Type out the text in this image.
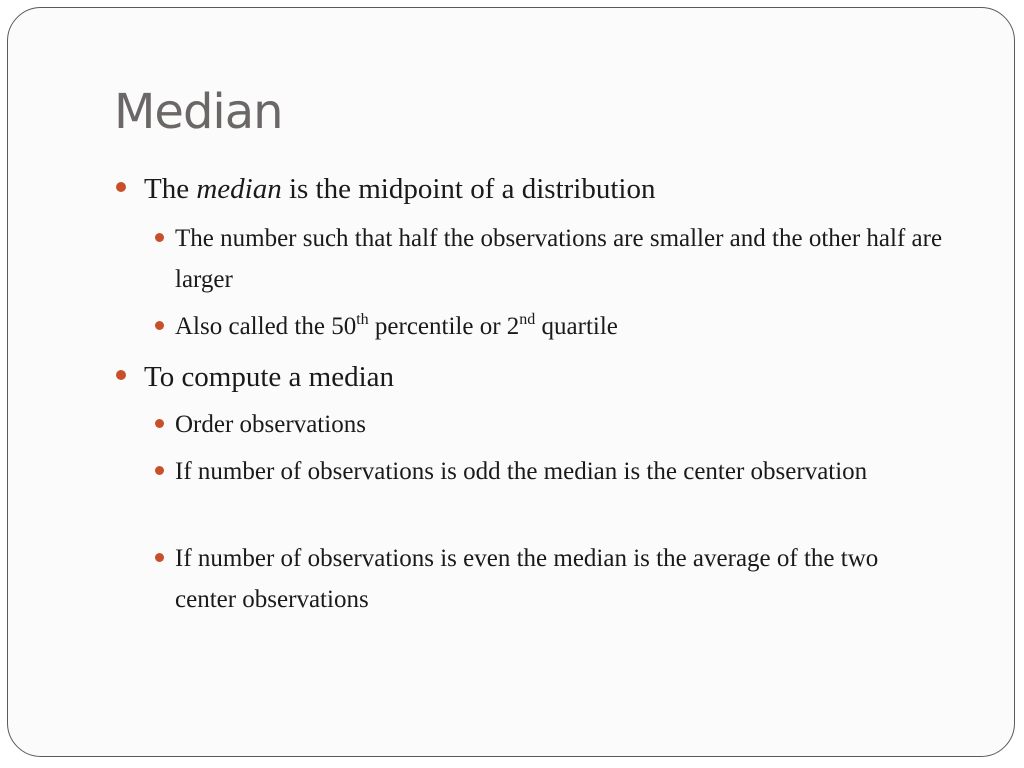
Median
The median is the midpoint of a distribution
The number such that half the observations are smaller and the other half are larger
Also called the 50th percentile or 2nd quartile
To compute a median
Order observations
If number of observations is odd the median is the center observation
If number of observations is even the median is the average of the two center observations
